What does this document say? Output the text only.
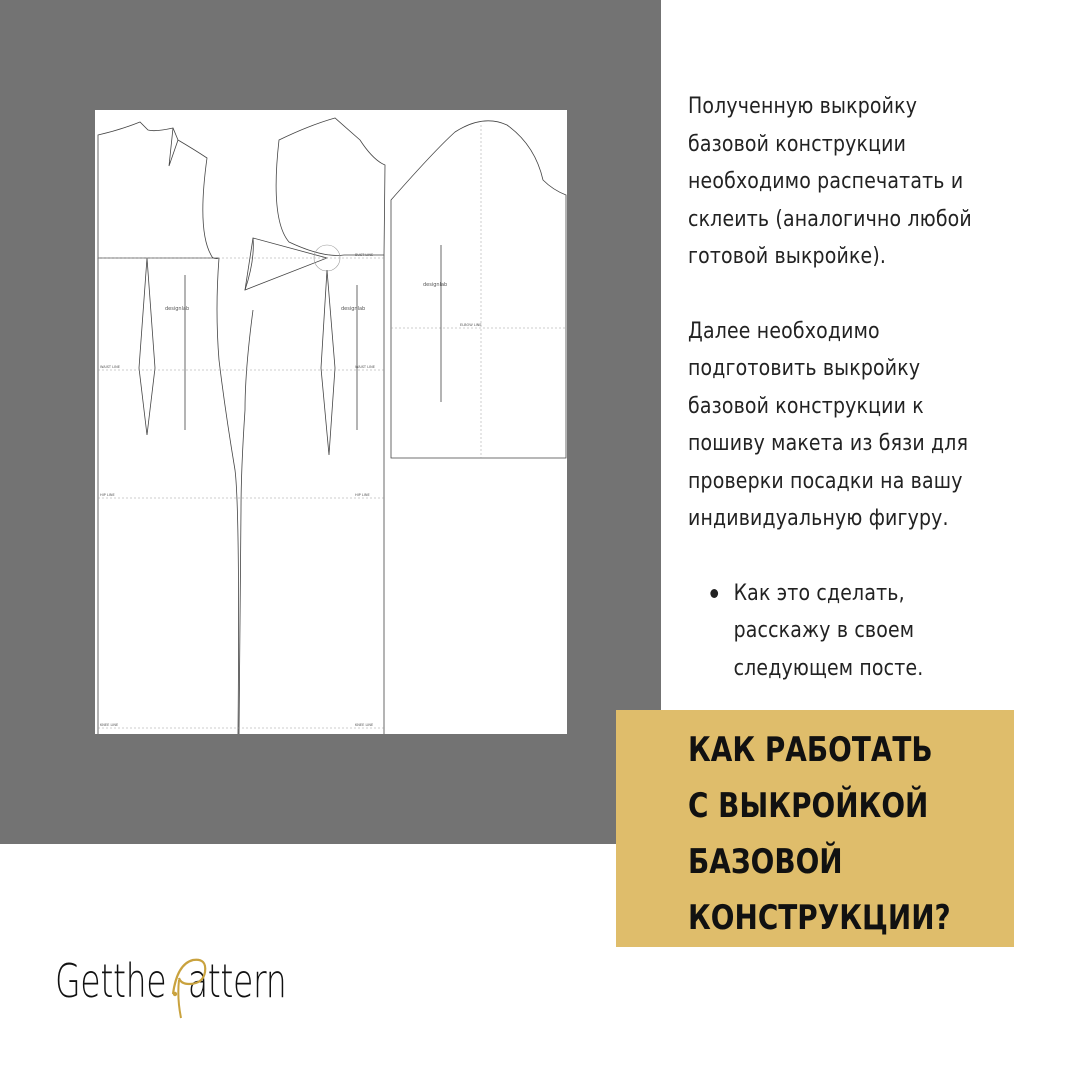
designlab	designlab
designlab
BUST LINE
WAIST LINE
WAIST LINE
HIP LINE
HIP LINE
KNEE LINE
KNEE LINE
ELBOW LINE

Полученную выкройку базовой конструкции необходимо распечатать и склеить (аналогично любой готовой выкройке).

Далее необходимо подготовить выкройку базовой конструкции к пошиву макета из бязи для проверки посадки на вашу индивидуальную фигуру.

Как это сделать, расскажу в своем следующем посте.
КАК РАБОТАТЬ
С ВЫКРОЙКОЙ
БАЗОВОЙ
КОНСТРУКЦИИ?
Getthe attern
